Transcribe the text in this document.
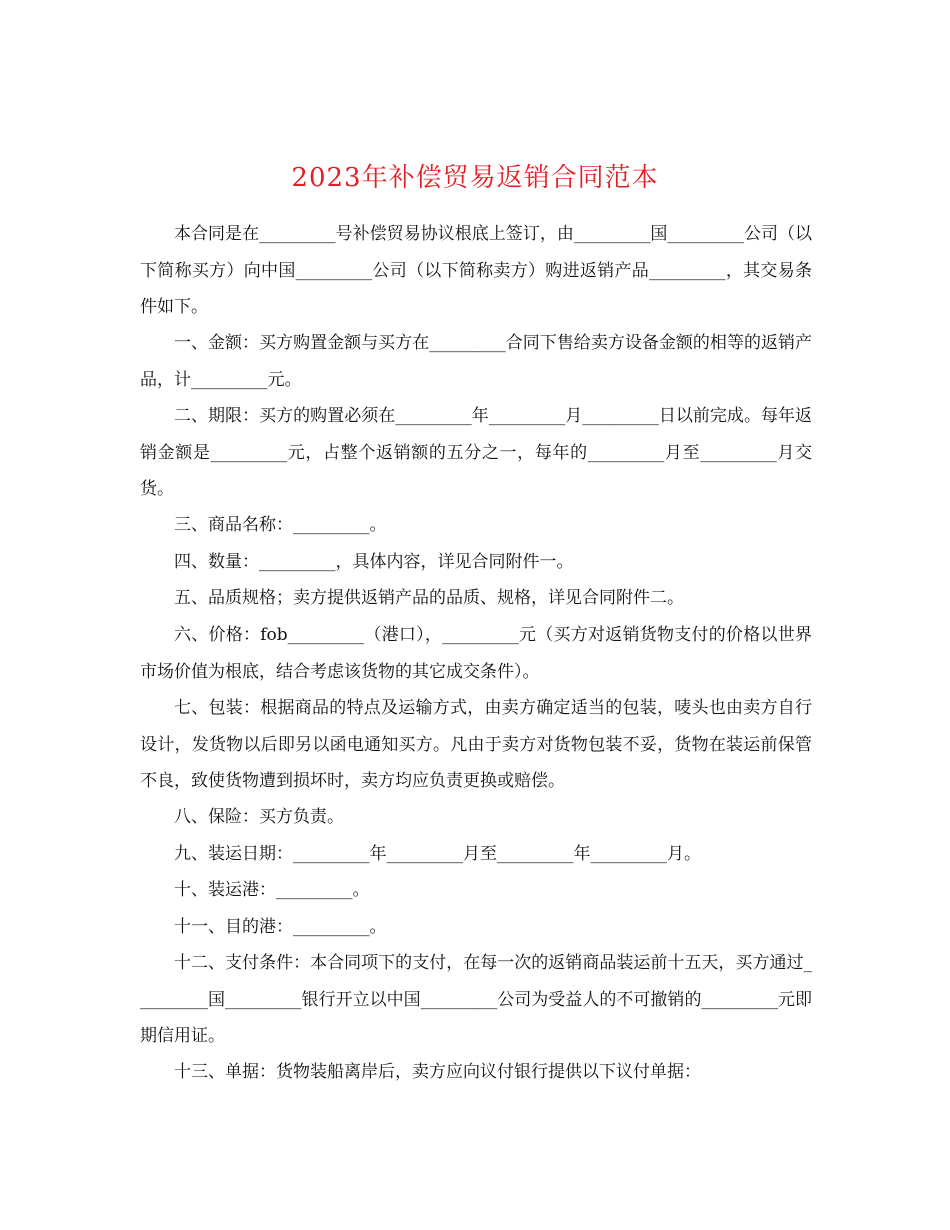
2023年补偿贸易返销合同范本

本合同是在_________号补偿贸易协议根底上签订，由_________国_________公司（以下简称买方）向中国_________公司（以下简称卖方）购进返销产品_________，其交易条件如下。

一、金额：买方购置金额与买方在_________合同下售给卖方设备金额的相等的返销产品，计_________元。

二、期限：买方的购置必须在_________年_________月_________日以前完成。每年返销金额是_________元，占整个返销额的五分之一，每年的_________月至_________月交货。

三、商品名称：_________。

四、数量：_________，具体内容，详见合同附件一。

五、品质规格；卖方提供返销产品的品质、规格，详见合同附件二。

六、价格：fob_________（港口），_________元（买方对返销货物支付的价格以世界市场价值为根底，结合考虑该货物的其它成交条件）。

七、包装：根据商品的特点及运输方式，由卖方确定适当的包装，唛头也由卖方自行设计，发货物以后即另以函电通知买方。凡由于卖方对货物包装不妥，货物在装运前保管不良，致使货物遭到损坏时，卖方均应负责更换或赔偿。

八、保险：买方负责。

九、装运日期：_________年_________月至_________年_________月。

十、装运港：_________。

十一、目的港：_________。

十二、支付条件：本合同项下的支付，在每一次的返销商品装运前十五天，买方通过_________国_________银行开立以中国_________公司为受益人的不可撤销的_________元即期信用证。

十三、单据：货物装船离岸后，卖方应向议付银行提供以下议付单据：
